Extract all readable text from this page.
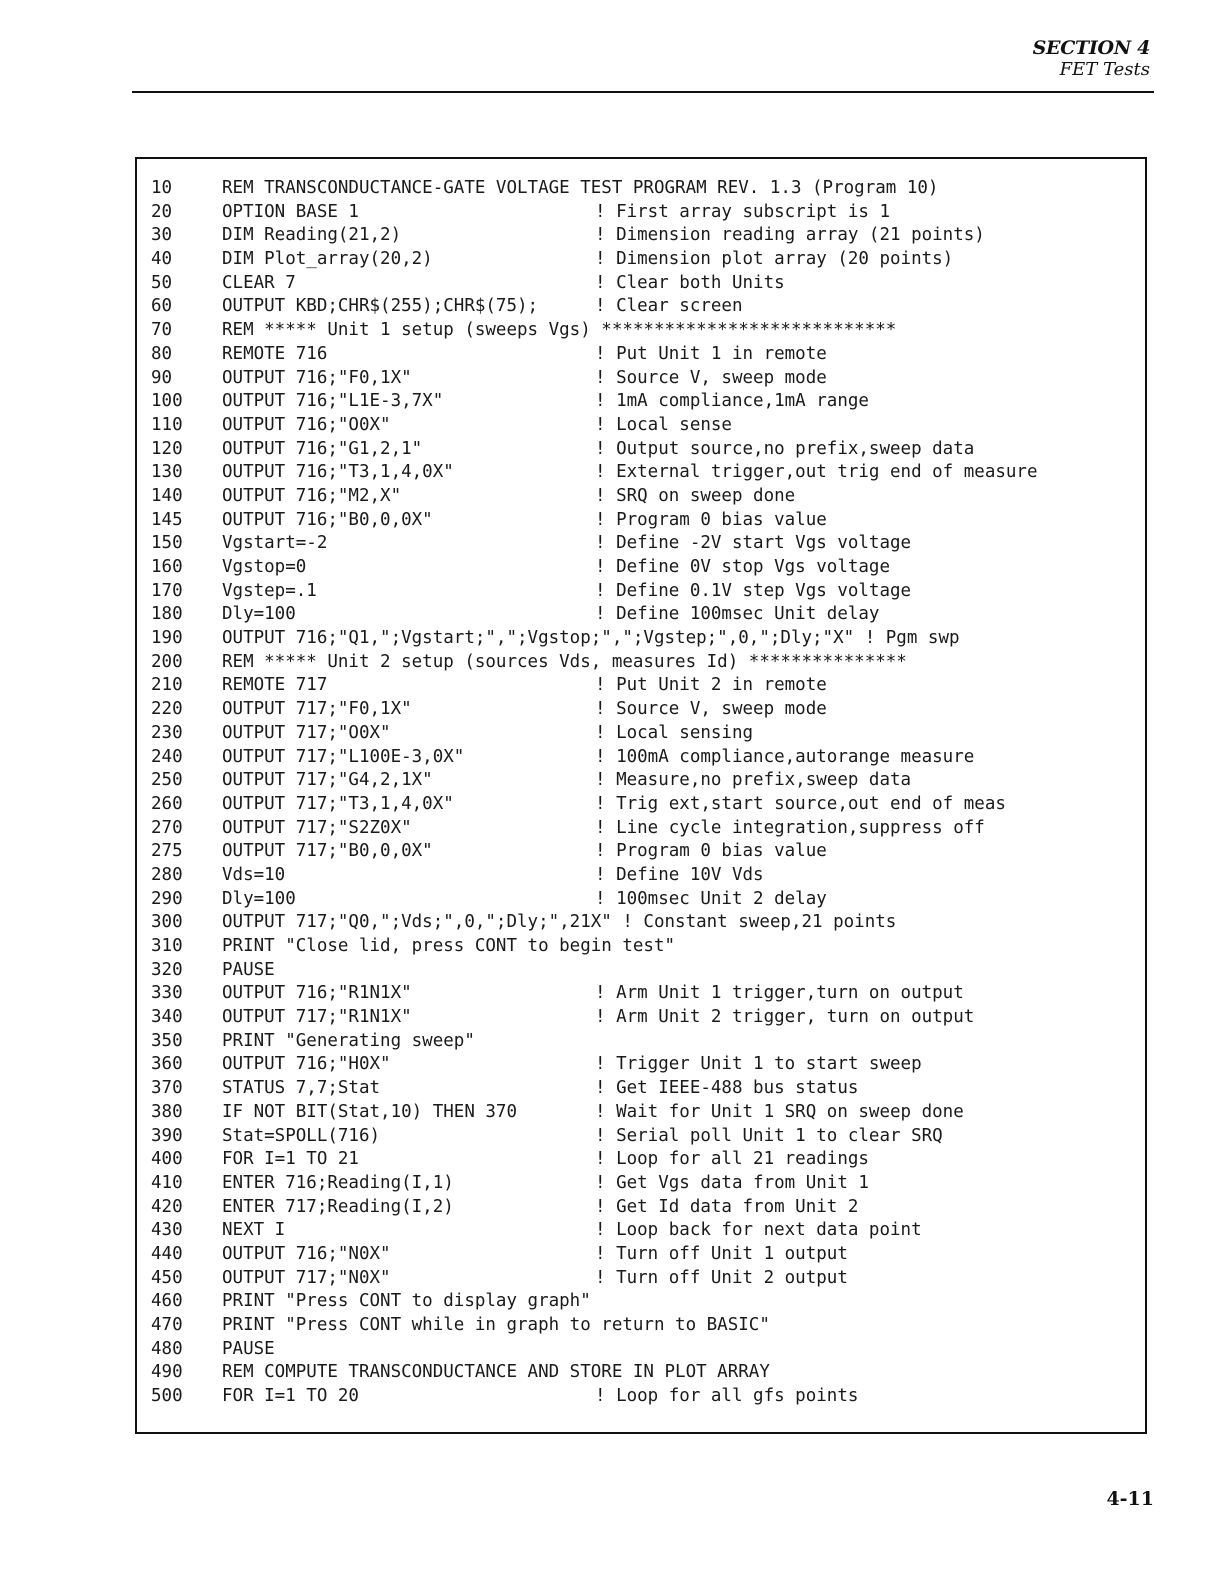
SECTION 4
FET Tests
10	REM TRANSCONDUCTANCE-GATE VOLTAGE TEST PROGRAM REV. 1.3 (Program 10)
20	OPTION BASE 1	! First array subscript is 1
30	DIM Reading(21,2)	! Dimension reading array (21 points)
40	DIM Plot_array(20,2)	! Dimension plot array (20 points)
50	CLEAR 7	! Clear both Units
60	OUTPUT KBD;CHR$(255);CHR$(75);	! Clear screen
70	REM ***** Unit 1 setup (sweeps Vgs) ****************************
80	REMOTE 716	! Put Unit 1 in remote
90	OUTPUT 716;"F0,1X"	! Source V, sweep mode
100 OUTPUT 716;"L1E-3,7X"	! 1mA compliance,1mA range
110 OUTPUT 716;"O0X"	! Local sense
120 OUTPUT 716;"G1,2,1"	! Output source,no prefix,sweep data
130 OUTPUT 716;"T3,1,4,0X"	! External trigger,out trig end of measure
140 OUTPUT 716;"M2,X"	! SRQ on sweep done
145 OUTPUT 716;"B0,0,0X"	! Program 0 bias value
150 Vgstart=-2	! Define -2V start Vgs voltage
160 Vgstop=0	! Define 0V stop Vgs voltage
170 Vgstep=.1	! Define 0.1V step Vgs voltage
180 Dly=100	! Define 100msec Unit delay
190 OUTPUT 716;"Q1,";Vgstart;",";Vgstop;",";Vgstep;",0,";Dly;"X" ! Pgm swp
200 REM ***** Unit 2 setup (sources Vds, measures Id) ***************
210 REMOTE 717	! Put Unit 2 in remote
220 OUTPUT 717;"F0,1X"	! Source V, sweep mode
230 OUTPUT 717;"O0X"	! Local sensing
240 OUTPUT 717;"L100E-3,0X"	! 100mA compliance,autorange measure
250 OUTPUT 717;"G4,2,1X"	! Measure,no prefix,sweep data
260 OUTPUT 717;"T3,1,4,0X"	! Trig ext,start source,out end of meas
270 OUTPUT 717;"S2Z0X"	! Line cycle integration,suppress off
275 OUTPUT 717;"B0,0,0X"	! Program 0 bias value
280 Vds=10	! Define 10V Vds
290 Dly=100	! 100msec Unit 2 delay
300 OUTPUT 717;"Q0,";Vds;",0,";Dly;",21X" ! Constant sweep,21 points
310 PRINT "Close lid, press CONT to begin test"
320 PAUSE
330 OUTPUT 716;"R1N1X"	! Arm Unit 1 trigger,turn on output
340 OUTPUT 717;"R1N1X"	! Arm Unit 2 trigger, turn on output
350 PRINT "Generating sweep"
360 OUTPUT 716;"H0X"	! Trigger Unit 1 to start sweep
370 STATUS 7,7;Stat	! Get IEEE-488 bus status
380 IF NOT BIT(Stat,10) THEN 370	! Wait for Unit 1 SRQ on sweep done
390 Stat=SPOLL(716)	! Serial poll Unit 1 to clear SRQ
400 FOR I=1 TO 21	! Loop for all 21 readings
410 ENTER 716;Reading(I,1)	! Get Vgs data from Unit 1
420 ENTER 717;Reading(I,2)	! Get Id data from Unit 2
430 NEXT I	! Loop back for next data point
440 OUTPUT 716;"N0X"	! Turn off Unit 1 output
450 OUTPUT 717;"N0X"	! Turn off Unit 2 output
460 PRINT "Press CONT to display graph"
470 PRINT "Press CONT while in graph to return to BASIC"
480 PAUSE
490 REM COMPUTE TRANSCONDUCTANCE AND STORE IN PLOT ARRAY
500 FOR I=1 TO 20	! Loop for all gfs points
4-11
